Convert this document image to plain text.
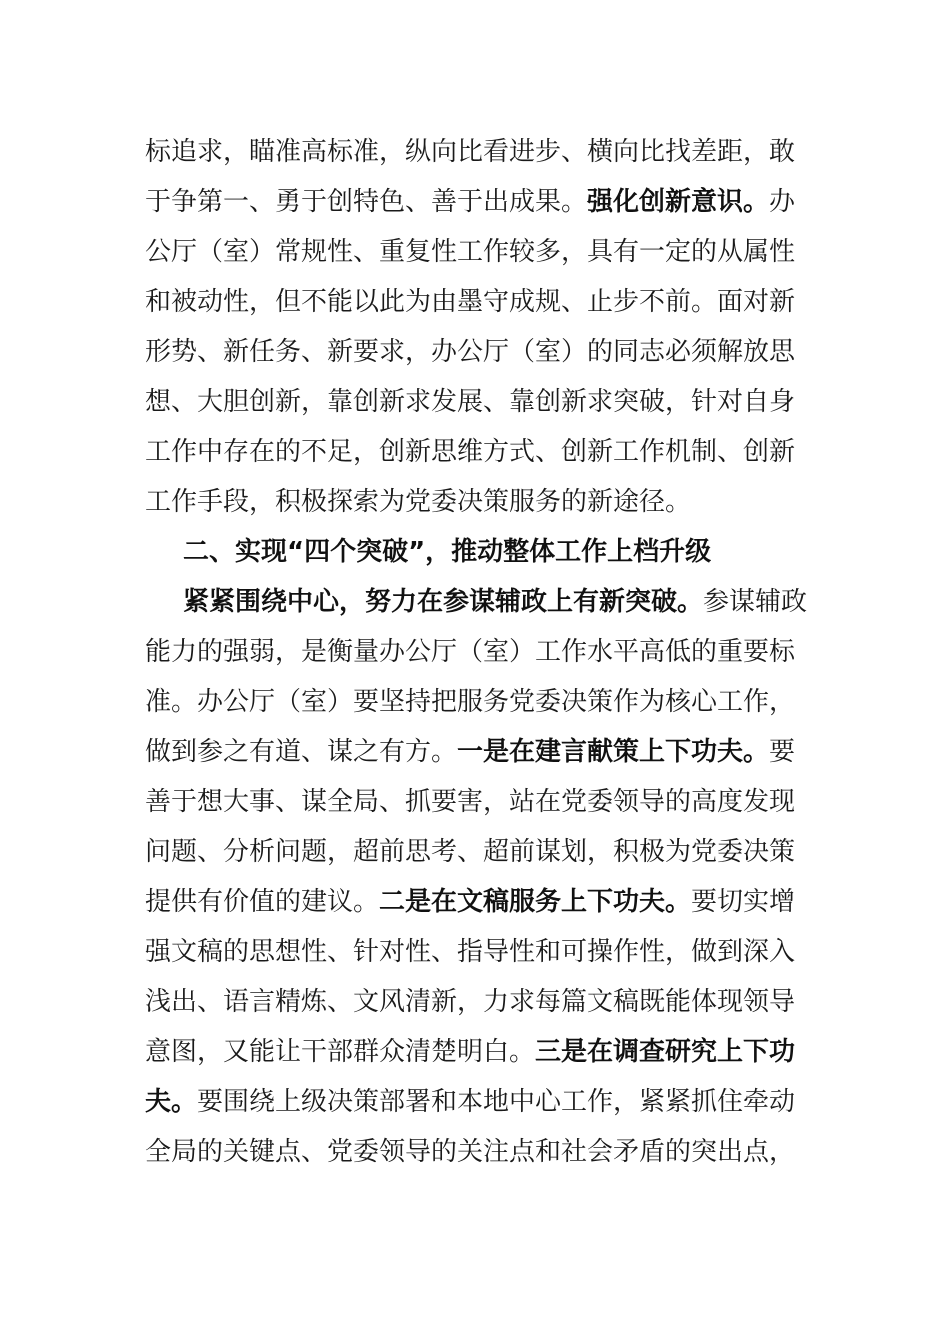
标追求，瞄准高标准，纵向比看进步、横向比找差距，敢
于争第一、勇于创特色、善于出成果。强化创新意识。办
公厅（室）常规性、重复性工作较多，具有一定的从属性
和被动性，但不能以此为由墨守成规、止步不前。面对新
形势、新任务、新要求，办公厅（室）的同志必须解放思
想、大胆创新，靠创新求发展、靠创新求突破，针对自身
工作中存在的不足，创新思维方式、创新工作机制、创新
工作手段，积极探索为党委决策服务的新途径。
二、实现“四个突破”，推动整体工作上档升级
紧紧围绕中心，努力在参谋辅政上有新突破。参谋辅政
能力的强弱，是衡量办公厅（室）工作水平高低的重要标
准。办公厅（室）要坚持把服务党委决策作为核心工作，
做到参之有道、谋之有方。一是在建言献策上下功夫。要
善于想大事、谋全局、抓要害，站在党委领导的高度发现
问题、分析问题，超前思考、超前谋划，积极为党委决策
提供有价值的建议。二是在文稿服务上下功夫。要切实增
强文稿的思想性、针对性、指导性和可操作性，做到深入
浅出、语言精炼、文风清新，力求每篇文稿既能体现领导
意图，又能让干部群众清楚明白。三是在调查研究上下功
夫。要围绕上级决策部署和本地中心工作，紧紧抓住牵动
全局的关键点、党委领导的关注点和社会矛盾的突出点，
